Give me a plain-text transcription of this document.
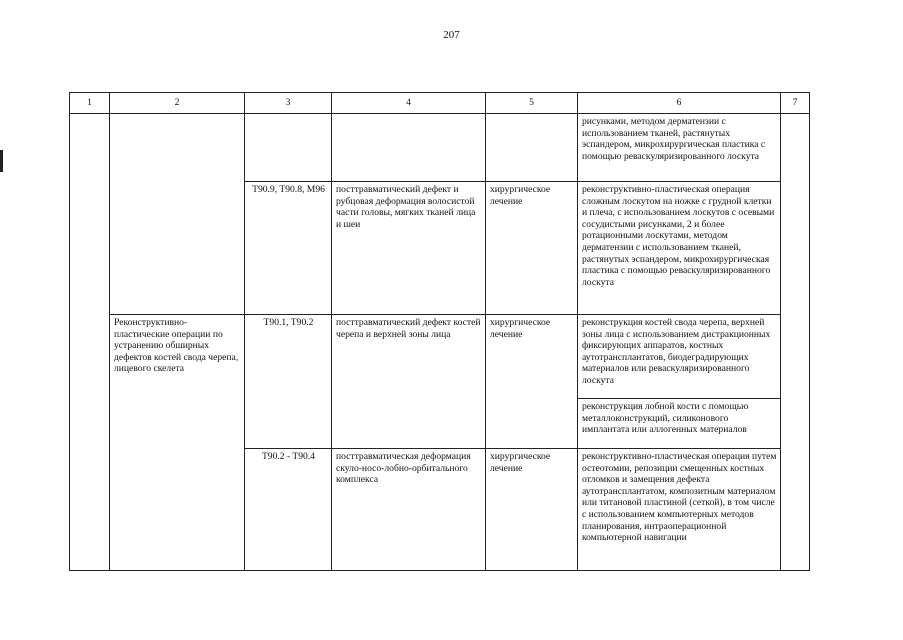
207
1	2	3	4	5	6	7
					рисунками, методом дерматензии с использованием тканей, растянутых эспандером, микрохирургическая пластика с помощью реваскуляризированного лоскута	
		T90.9, T90.8, M96	посттравматический дефект и рубцовая деформация волосистой части головы, мягких тканей лица и шеи	хирургическое лечение	реконструктивно-пластическая операция сложным лоскутом на ножке с грудной клетки и плеча, с использованием лоскутов с осевыми сосудистыми рисунками, 2 и более ротационными лоскутами, методом дерматензии с использованием тканей, растянутых эспандером, микрохирургическая пластика с помощью реваскуляризированного лоскута	
	Реконструктивно-пластические операции по устранению обширных дефектов костей свода черепа, лицевого скелета	T90.1, T90.2	посттравматический дефект костей черепа и верхней зоны лица	хирургическое лечение	реконструкция костей свода черепа, верхней зоны лица с использованием дистракционных фиксирующих аппаратов, костных аутотрансплантатов, биодеградирующих материалов или реваскуляризированного лоскута	
					реконструкция лобной кости с помощью металлоконструкций, силиконового имплантата или аллогенных материалов	
		T90.2 - T90.4	посттравматическая деформация скуло-носо-лобно-орбитального комплекса	хирургическое лечение	реконструктивно-пластическая операция путем остеотомии, репозиции смещенных костных отломков и замещения дефекта аутотрансплантатом, композитным материалом или титановой пластиной (сеткой), в том числе с использованием компьютерных методов планирования, интраоперационной компьютерной навигации	
